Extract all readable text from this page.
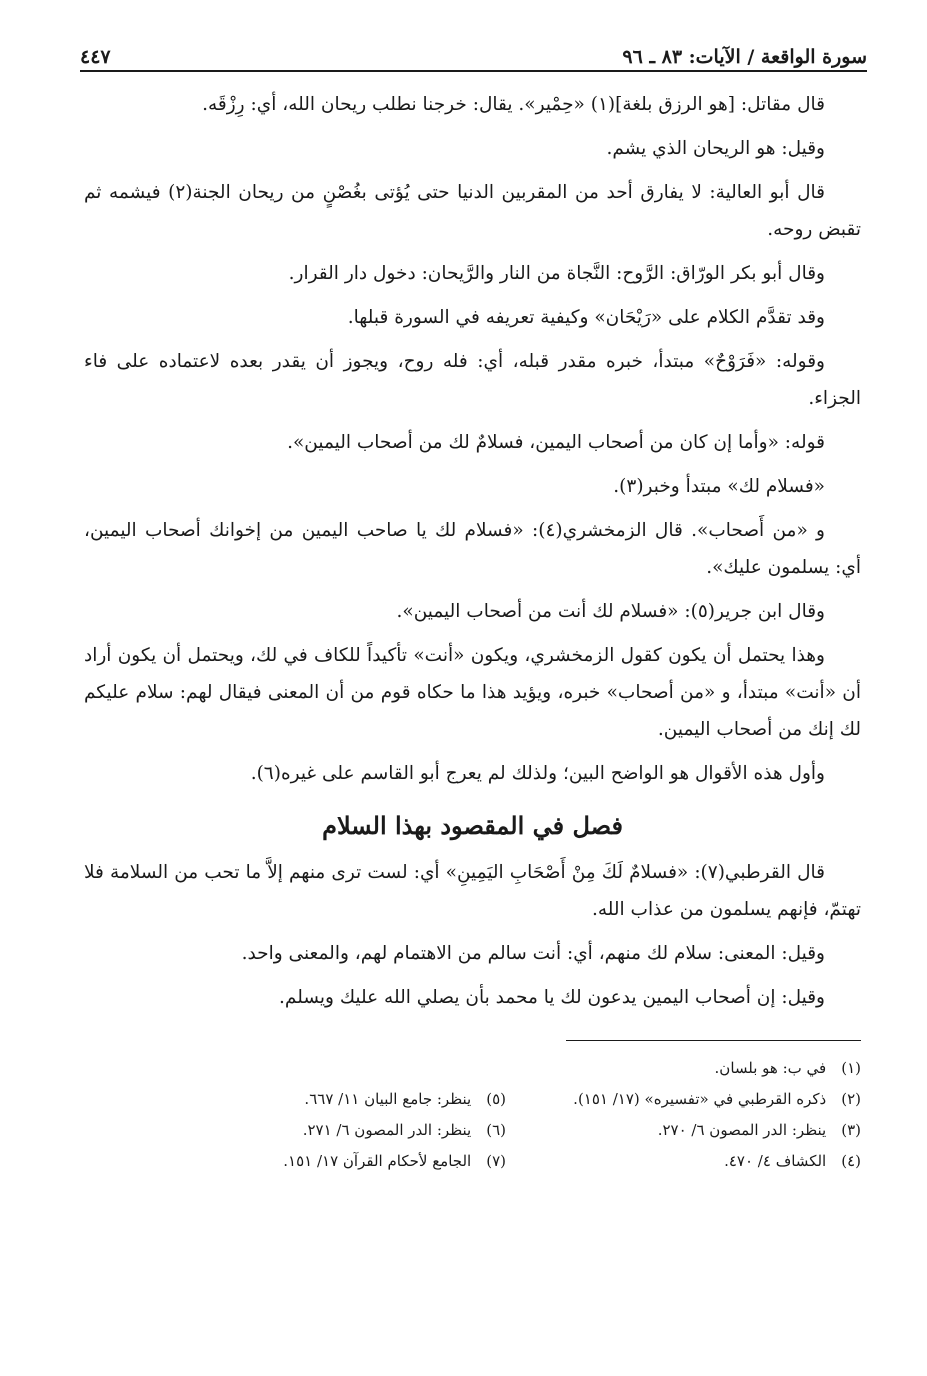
سورة الواقعة / الآيات: ٨٣ ـ ٩٦
٤٤٧

قال مقاتل: [هو الرزق بلغة](١) «حِمْير». يقال: خرجنا نطلب ريحان الله، أي: رِزْقَه.

وقيل: هو الريحان الذي يشم.

قال أبو العالية: لا يفارق أحد من المقربين الدنيا حتى يُؤتى بغُصْنٍ من ريحان الجنة(٢) فيشمه ثم تقبض روحه.

وقال أبو بكر الورّاق: الرَّوح: النَّجاة من النار والرَّيحان: دخول دار القرار.

وقد تقدَّم الكلام على «رَيْحَان» وكيفية تعريفه في السورة قبلها.

وقوله: «فَرَوْحٌ» مبتدأ، خبره مقدر قبله، أي: فله روح، ويجوز أن يقدر بعده لاعتماده على فاء الجزاء.

قوله: «وأما إن كان من أصحاب اليمين، فسلامٌ لك من أصحاب اليمين».

«فسلام لك» مبتدأ وخبر(٣).

و «من أَصحاب». قال الزمخشري(٤): «فسلام لك يا صاحب اليمين من إخوانك أصحاب اليمين، أي: يسلمون عليك».

وقال ابن جرير(٥): «فسلام لك أنت من أصحاب اليمين».

وهذا يحتمل أن يكون كقول الزمخشري، ويكون «أنت» تأكيداً للكاف في لك، ويحتمل أن يكون أراد أن «أنت» مبتدأ، و «من أصحاب» خبره، ويؤيد هذا ما حكاه قوم من أن المعنى فيقال لهم: سلام عليكم لك إنك من أصحاب اليمين.

وأول هذه الأقوال هو الواضح البين؛ ولذلك لم يعرج أبو القاسم على غيره(٦).

فصل في المقصود بهذا السلام

قال القرطبي(٧): «فسلامٌ لَكَ مِنْ أَصْحَابِ اليَمِينِ» أي: لست ترى منهم إلاَّ ما تحب من السلامة فلا تهتمّ، فإنهم يسلمون من عذاب الله.

وقيل: المعنى: سلام لك منهم، أي: أنت سالم من الاهتمام لهم، والمعنى واحد.

وقيل: إن أصحاب اليمين يدعون لك يا محمد بأن يصلي الله عليك ويسلم.

(١) في ب: هو بلسان.
(٢) ذكره القرطبي في «تفسيره» (١٧/ ١٥١).
(٥) ينظر: جامع البيان ١١/ ٦٦٧.
(٣) ينظر: الدر المصون ٦/ ٢٧٠.
(٦) ينظر: الدر المصون ٦/ ٢٧١.
(٤) الكشاف ٤/ ٤٧٠.
(٧) الجامع لأحكام القرآن ١٧/ ١٥١.
